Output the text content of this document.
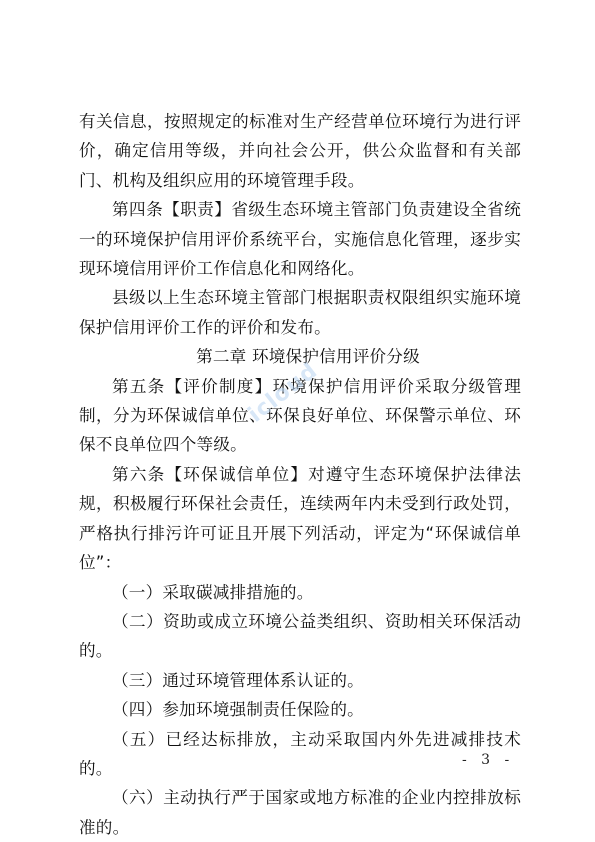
有关信息，按照规定的标准对生产经营单位环境行为进行评价，确定信用等级，并向社会公开，供公众监督和有关部门、机构及组织应用的环境管理手段。

第四条【职责】省级生态环境主管部门负责建设全省统一的环境保护信用评价系统平台，实施信息化管理，逐步实现环境信用评价工作信息化和网络化。

县级以上生态环境主管部门根据职责权限组织实施环境保护信用评价工作的评价和发布。

第二章 环境保护信用评价分级

第五条【评价制度】环境保护信用评价采取分级管理制，分为环保诚信单位、环保良好单位、环保警示单位、环保不良单位四个等级。

第六条【环保诚信单位】对遵守生态环境保护法律法规，积极履行环保社会责任，连续两年内未受到行政处罚，严格执行排污许可证且开展下列活动，评定为“环保诚信单位”：

（一）采取碳减排措施的。

（二）资助或成立环境公益类组织、资助相关环保活动的。

（三）通过环境管理体系认证的。

（四）参加环境强制责任保险的。

（五）已经达标排放，主动采取国内外先进减排技术的。

（六）主动执行严于国家或地方标准的企业内控排放标准的。

icloud
- 3 -
